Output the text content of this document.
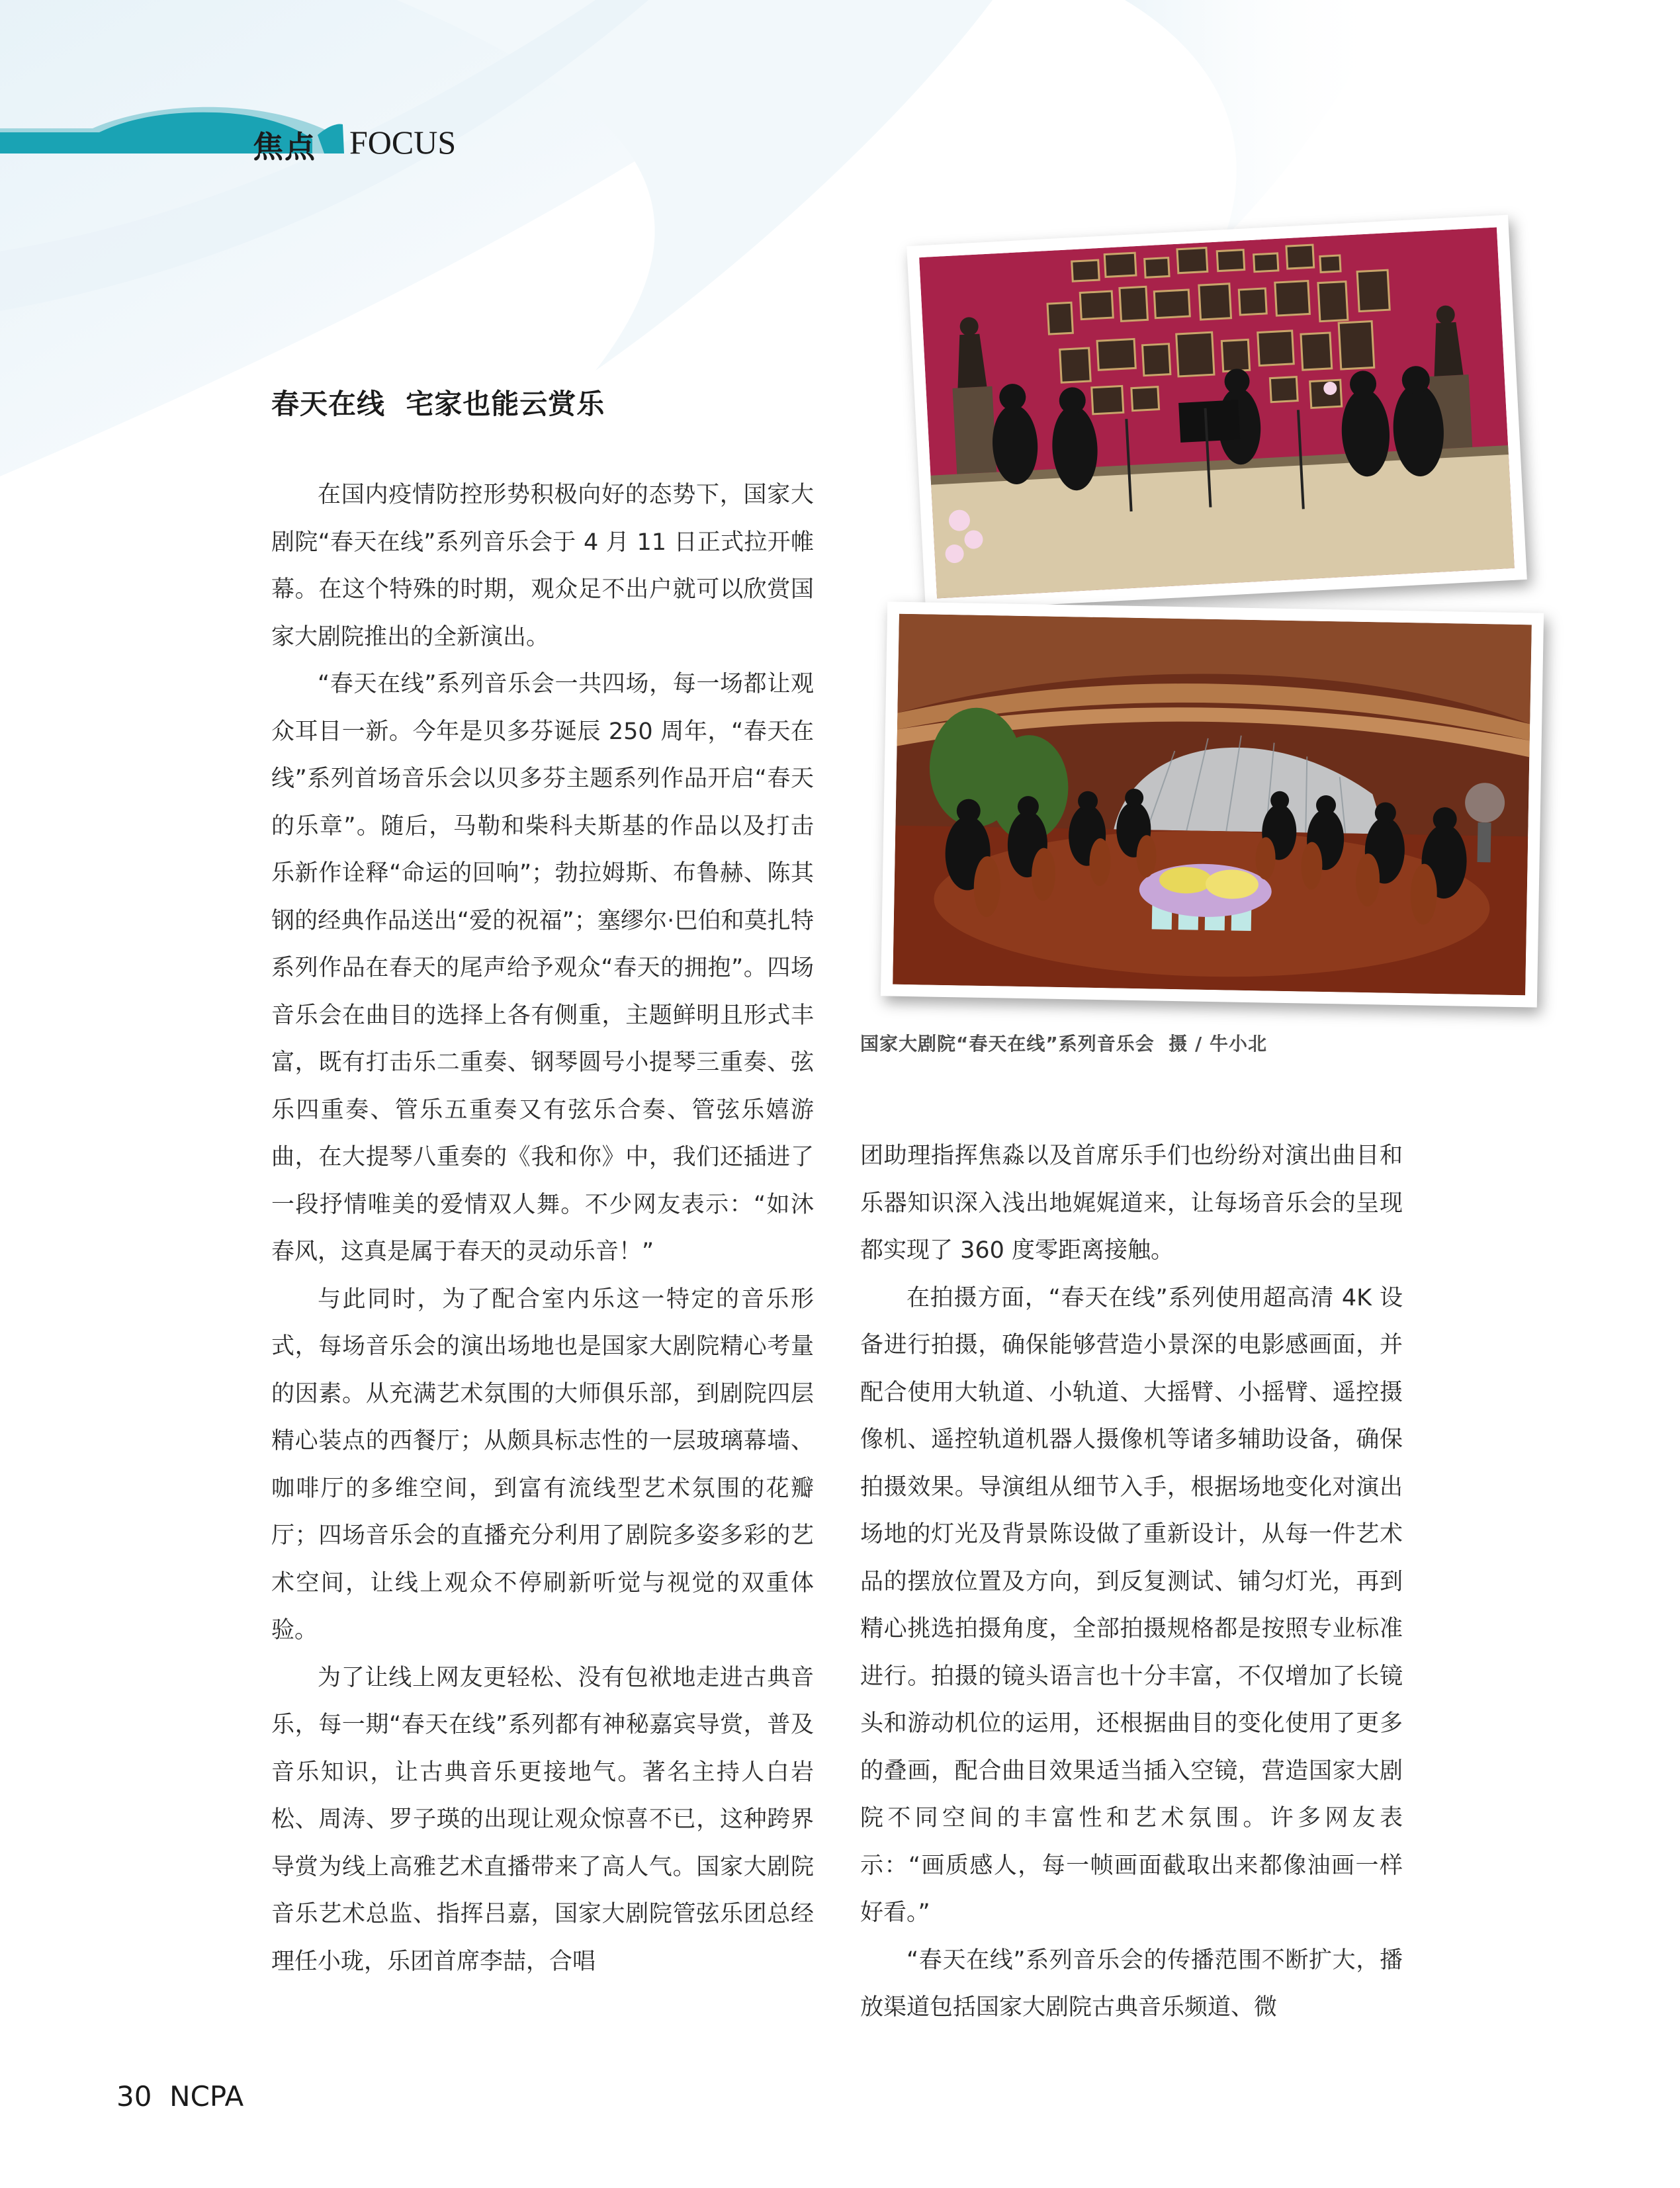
焦点 FOCUS
春天在线  宅家也能云赏乐

在国内疫情防控形势积极向好的态势下，国家大剧院“春天在线”系列音乐会于 4 月 11 日正式拉开帷幕。在这个特殊的时期，观众足不出户就可以欣赏国家大剧院推出的全新演出。

“春天在线”系列音乐会一共四场，每一场都让观众耳目一新。今年是贝多芬诞辰 250 周年，“春天在线”系列首场音乐会以贝多芬主题系列作品开启“春天的乐章”。随后，马勒和柴科夫斯基的作品以及打击乐新作诠释“命运的回响”；勃拉姆斯、布鲁赫、陈其钢的经典作品送出“爱的祝福”；塞缪尔·巴伯和莫扎特系列作品在春天的尾声给予观众“春天的拥抱”。四场音乐会在曲目的选择上各有侧重，主题鲜明且形式丰富，既有打击乐二重奏、钢琴圆号小提琴三重奏、弦乐四重奏、管乐五重奏又有弦乐合奏、管弦乐嬉游曲，在大提琴八重奏的《我和你》中，我们还插进了一段抒情唯美的爱情双人舞。不少网友表示：“如沐春风，这真是属于春天的灵动乐音！”

与此同时，为了配合室内乐这一特定的音乐形式，每场音乐会的演出场地也是国家大剧院精心考量的因素。从充满艺术氛围的大师俱乐部，到剧院四层精心装点的西餐厅；从颇具标志性的一层玻璃幕墙、咖啡厅的多维空间，到富有流线型艺术氛围的花瓣厅；四场音乐会的直播充分利用了剧院多姿多彩的艺术空间，让线上观众不停刷新听觉与视觉的双重体验。

为了让线上网友更轻松、没有包袱地走进古典音乐，每一期“春天在线”系列都有神秘嘉宾导赏，普及音乐知识，让古典音乐更接地气。著名主持人白岩松、周涛、罗子瑛的出现让观众惊喜不已，这种跨界导赏为线上高雅艺术直播带来了高人气。国家大剧院音乐艺术总监、指挥吕嘉，国家大剧院管弦乐团总经理任小珑，乐团首席李喆，合唱

团助理指挥焦淼以及首席乐手们也纷纷对演出曲目和乐器知识深入浅出地娓娓道来，让每场音乐会的呈现都实现了 360 度零距离接触。

在拍摄方面，“春天在线”系列使用超高清 4K 设备进行拍摄，确保能够营造小景深的电影感画面，并配合使用大轨道、小轨道、大摇臂、小摇臂、遥控摄像机、遥控轨道机器人摄像机等诸多辅助设备，确保拍摄效果。导演组从细节入手，根据场地变化对演出场地的灯光及背景陈设做了重新设计，从每一件艺术品的摆放位置及方向，到反复测试、铺匀灯光，再到精心挑选拍摄角度，全部拍摄规格都是按照专业标准进行。拍摄的镜头语言也十分丰富，不仅增加了长镜头和游动机位的运用，还根据曲目的变化使用了更多的叠画，配合曲目效果适当插入空镜，营造国家大剧院不同空间的丰富性和艺术氛围。许多网友表示：“画质感人，每一帧画面截取出来都像油画一样好看。”

“春天在线”系列音乐会的传播范围不断扩大，播放渠道包括国家大剧院古典音乐频道、微

国家大剧院“春天在线”系列音乐会  摄 / 牛小北
30 NCPA
